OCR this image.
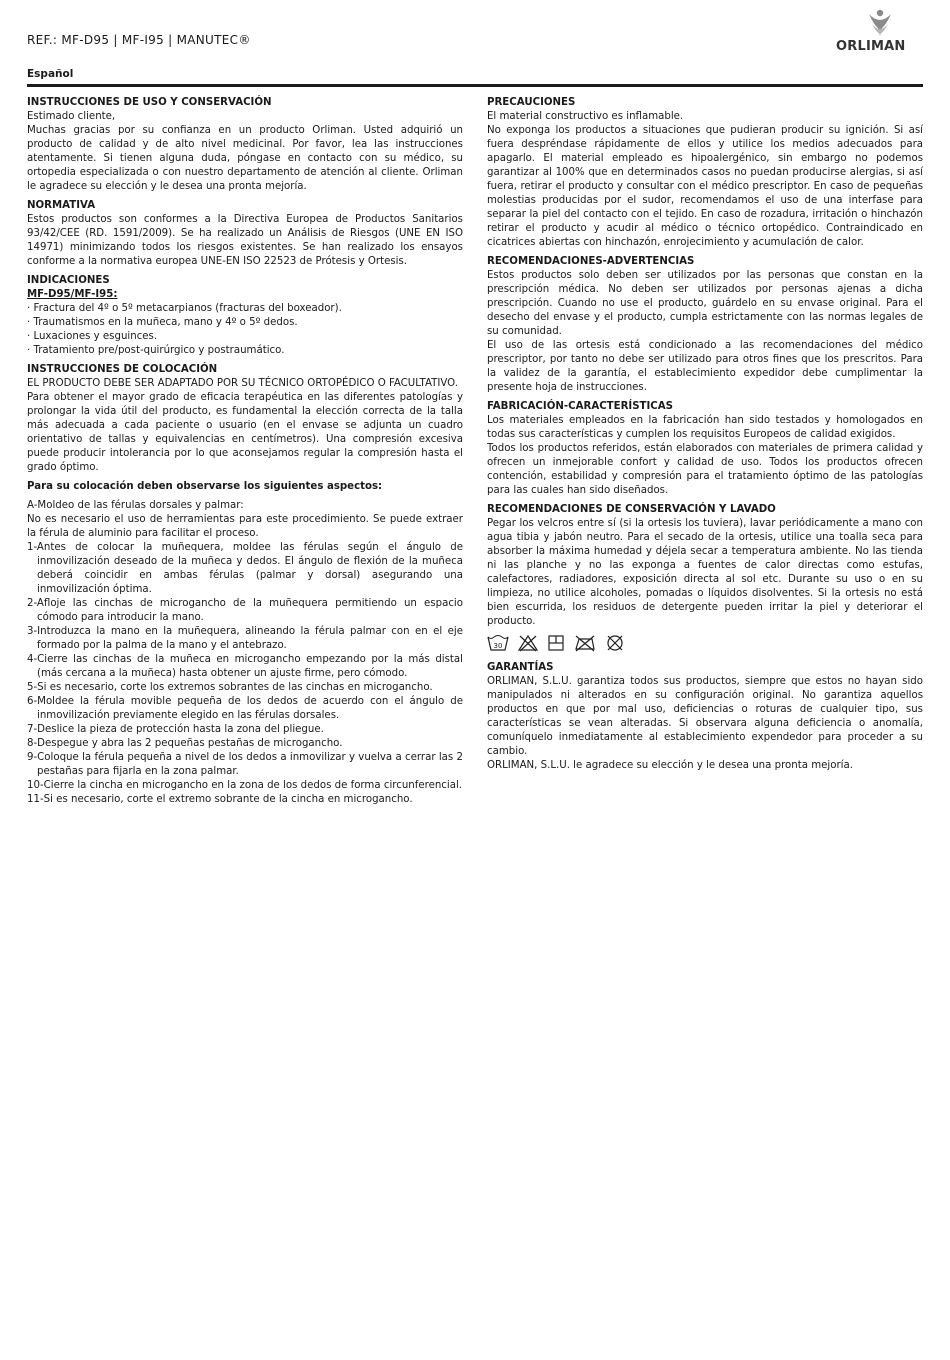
REF.: MF-D95 | MF-I95 | MANUTEC®	ORLIMAN
Español
INSTRUCCIONES DE USO Y CONSERVACIÓN

Estimado cliente,

Muchas gracias por su confianza en un producto Orliman. Usted adquirió un producto de calidad y de alto nivel medicinal. Por favor, lea las instrucciones atentamente. Si tienen alguna duda, póngase en contacto con su médico, su ortopedia especializada o con nuestro departamento de atención al cliente. Orliman le agradece su elección y le desea una pronta mejoría.

NORMATIVA

Estos productos son conformes a la Directiva Europea de Productos Sanitarios 93/42/CEE (RD. 1591/2009). Se ha realizado un Análisis de Riesgos (UNE EN ISO 14971) minimizando todos los riesgos existentes. Se han realizado los ensayos conforme a la normativa europea UNE-EN ISO 22523 de Prótesis y Ortesis.

INDICACIONES
MF-D95/MF-I95:
· Fractura del 4º o 5º metacarpianos (fracturas del boxeador).
· Traumatismos en la muñeca, mano y 4º o 5º dedos.
· Luxaciones y esguinces.
· Tratamiento pre/post-quirúrgico y postraumático.
INSTRUCCIONES DE COLOCACIÓN
EL PRODUCTO DEBE SER ADAPTADO POR SU TÉCNICO ORTOPÉDICO O FACULTATIVO.

Para obtener el mayor grado de eficacia terapéutica en las diferentes patologías y prolongar la vida útil del producto, es fundamental la elección correcta de la talla más adecuada a cada paciente o usuario (en el envase se adjunta un cuadro orientativo de tallas y equivalencias en centímetros). Una compresión excesiva puede producir intolerancia por lo que aconsejamos regular la compresión hasta el grado óptimo.

Para su colocación deben observarse los siguientes aspectos:
A-Moldeo de las férulas dorsales y palmar:

No es necesario el uso de herramientas para este procedimiento. Se puede extraer la férula de aluminio para facilitar el proceso.

1-Antes de colocar la muñequera, moldee las férulas según el ángulo de inmovilización deseado de la muñeca y dedos. El ángulo de flexión de la muñeca deberá coincidir en ambas férulas (palmar y dorsal) asegurando una inmovilización óptima.
2-Afloje las cinchas de microgancho de la muñequera permitiendo un espacio cómodo para introducir la mano.
3-Introduzca la mano en la muñequera, alineando la férula palmar con en el eje formado por la palma de la mano y el antebrazo.
4-Cierre las cinchas de la muñeca en microgancho empezando por la más distal (más cercana a la muñeca) hasta obtener un ajuste firme, pero cómodo.
5-Si es necesario, corte los extremos sobrantes de las cinchas en microgancho.
6-Moldee la férula movible pequeña de los dedos de acuerdo con el ángulo de inmovilización previamente elegido en las férulas dorsales.
7-Deslice la pieza de protección hasta la zona del pliegue.
8-Despegue y abra las 2 pequeñas pestañas de microgancho.
9-Coloque la férula pequeña a nivel de los dedos a inmovilizar y vuelva a cerrar las 2 pestañas para fijarla en la zona palmar.
10-Cierre la cincha en microgancho en la zona de los dedos de forma circunferencial.
11-Si es necesario, corte el extremo sobrante de la cincha en microgancho.
PRECAUCIONES

El material constructivo es inflamable.

No exponga los productos a situaciones que pudieran producir su ignición. Si así fuera despréndase rápidamente de ellos y utilice los medios adecuados para apagarlo. El material empleado es hipoalergénico, sin embargo no podemos garantizar al 100% que en determinados casos no puedan producirse alergias, si así fuera, retirar el producto y consultar con el médico prescriptor. En caso de pequeñas molestias producidas por el sudor, recomendamos el uso de una interfase para separar la piel del contacto con el tejido. En caso de rozadura, irritación o hinchazón retirar el producto y acudir al médico o técnico ortopédico. Contraindicado en cicatrices abiertas con hinchazón, enrojecimiento y acumulación de calor.

RECOMENDACIONES-ADVERTENCIAS

Estos productos solo deben ser utilizados por las personas que constan en la prescripción médica. No deben ser utilizados por personas ajenas a dicha prescripción. Cuando no use el producto, guárdelo en su envase original. Para el desecho del envase y el producto, cumpla estrictamente con las normas legales de su comunidad.

El uso de las ortesis está condicionado a las recomendaciones del médico prescriptor, por tanto no debe ser utilizado para otros fines que los prescritos. Para la validez de la garantía, el establecimiento expedidor debe cumplimentar la presente hoja de instrucciones.

FABRICACIÓN-CARACTERÍSTICAS

Los materiales empleados en la fabricación han sido testados y homologados en todas sus características y cumplen los requisitos Europeos de calidad exigidos.

Todos los productos referidos, están elaborados con materiales de primera calidad y ofrecen un inmejorable confort y calidad de uso. Todos los productos ofrecen contención, estabilidad y compresión para el tratamiento óptimo de las patologías para las cuales han sido diseñados.

RECOMENDACIONES DE CONSERVACIÓN Y LAVADO

Pegar los velcros entre sí (si la ortesis los tuviera), lavar periódicamente a mano con agua tibia y jabón neutro. Para el secado de la ortesis, utilice una toalla seca para absorber la máxima humedad y déjela secar a temperatura ambiente. No las tienda ni las planche y no las exponga a fuentes de calor directas como estufas, calefactores, radiadores, exposición directa al sol etc. Durante su uso o en su limpieza, no utilice alcoholes, pomadas o líquidos disolventes. Si la ortesis no está bien escurrida, los residuos de detergente pueden irritar la piel y deteriorar el producto.

30
GARANTÍAS

ORLIMAN, S.L.U. garantiza todos sus productos, siempre que estos no hayan sido manipulados ni alterados en su configuración original. No garantiza aquellos productos en que por mal uso, deficiencias o roturas de cualquier tipo, sus características se vean alteradas. Si observara alguna deficiencia o anomalía, comuníquelo inmediatamente al establecimiento expendedor para proceder a su cambio.

ORLIMAN, S.L.U. le agradece su elección y le desea una pronta mejoría.
